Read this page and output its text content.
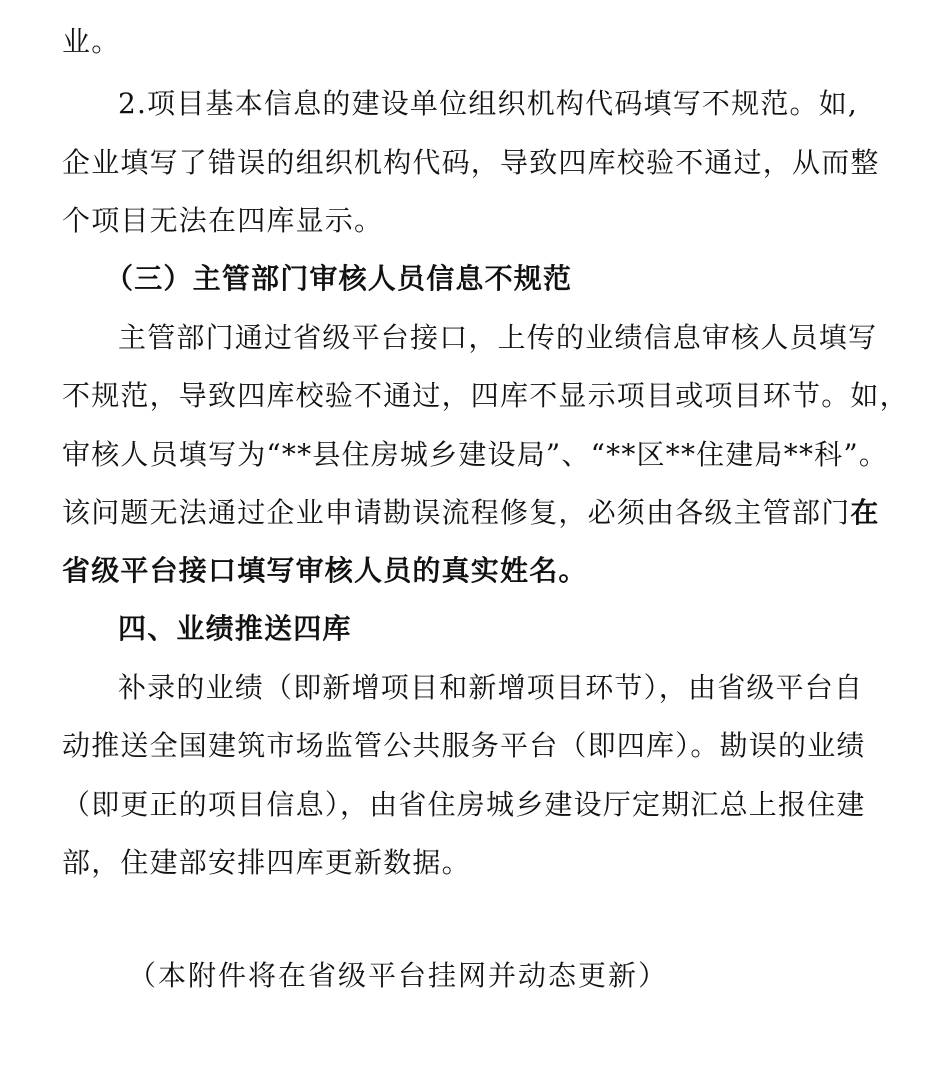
业。
2.项目基本信息的建设单位组织机构代码填写不规范。如,
企业填写了错误的组织机构代码，导致四库校验不通过，从而整
个项目无法在四库显示。
（三）主管部门审核人员信息不规范
主管部门通过省级平台接口，上传的业绩信息审核人员填写
不规范，导致四库校验不通过，四库不显示项目或项目环节。如，
审核人员填写为“**县住房城乡建设局”、“**区**住建局**科”。
该问题无法通过企业申请勘误流程修复，必须由各级主管部门在
省级平台接口填写审核人员的真实姓名。
四、业绩推送四库
补录的业绩（即新增项目和新增项目环节），由省级平台自
动推送全国建筑市场监管公共服务平台（即四库）。勘误的业绩
（即更正的项目信息），由省住房城乡建设厅定期汇总上报住建
部，住建部安排四库更新数据。
（本附件将在省级平台挂网并动态更新）
